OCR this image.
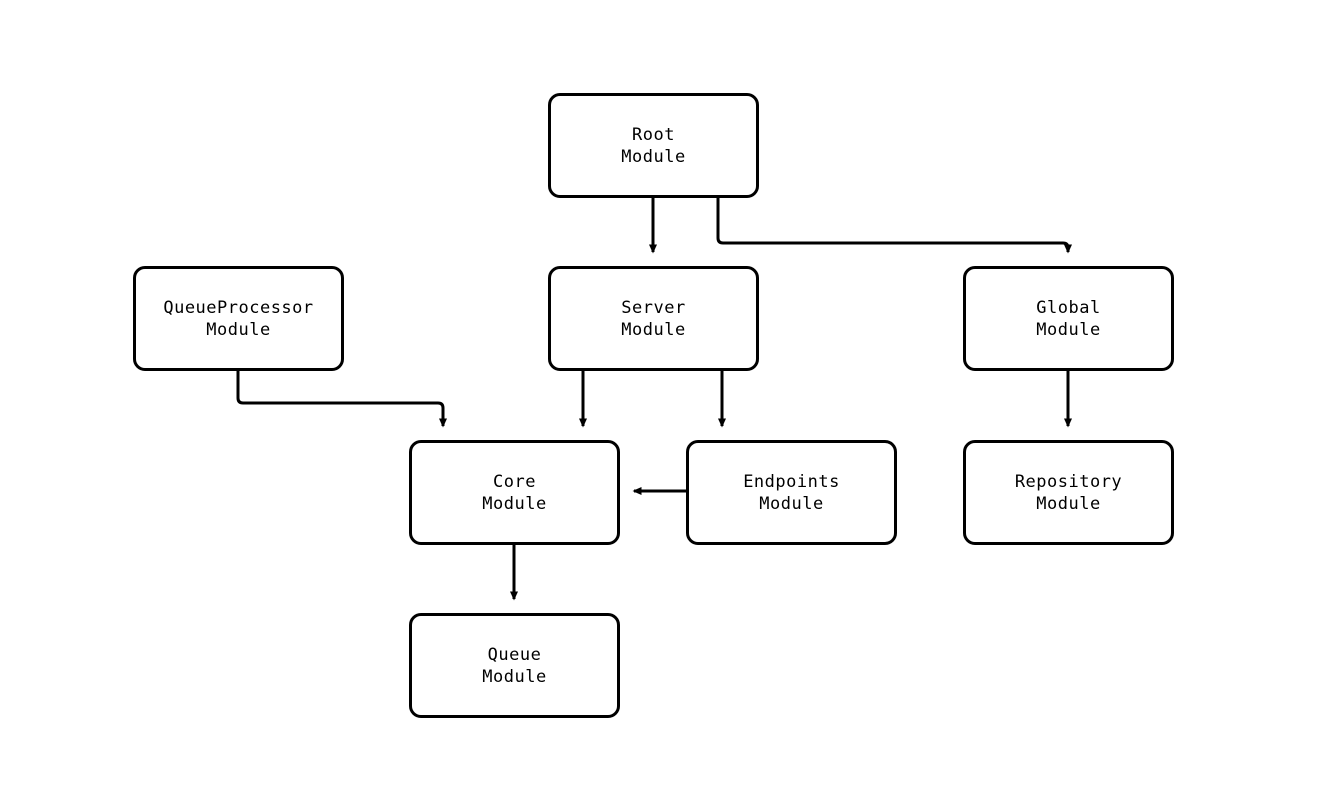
Root
Module
QueueProcessor
Module
Server
Module
Global
Module
Core
Module
Endpoints
Module
Repository
Module
Queue
Module
